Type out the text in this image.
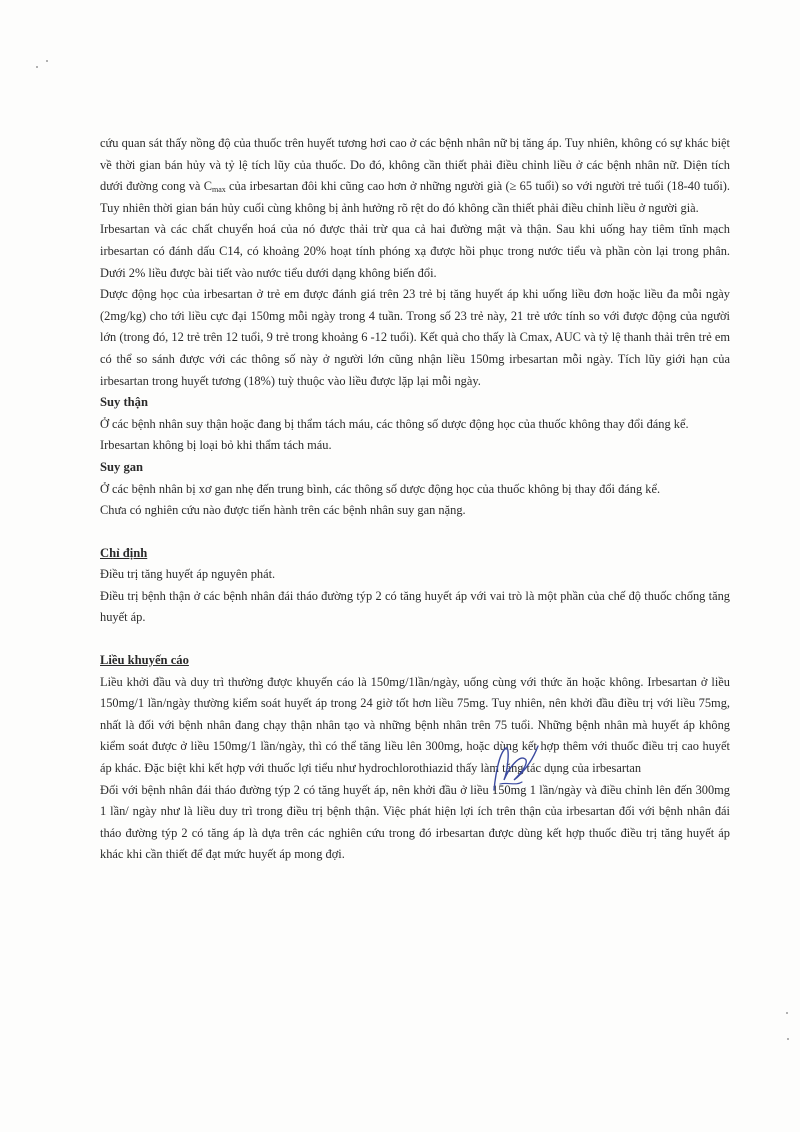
cứu quan sát thấy nồng độ của thuốc trên huyết tương hơi cao ở các bệnh nhân nữ bị tăng áp. Tuy nhiên, không có sự khác biệt về thời gian bán hủy và tỷ lệ tích lũy của thuốc. Do đó, không cần thiết phải điều chỉnh liều ở các bệnh nhân nữ. Diện tích dưới đường cong và $C_{max}$ của irbesartan đôi khi cũng cao hơn ở những người già (≥ 65 tuổi) so với người trẻ tuổi (18-40 tuổi). Tuy nhiên thời gian bán hủy cuối cùng không bị ảnh hưởng rõ rệt do đó không cần thiết phải điều chỉnh liều ở người già.

Irbesartan và các chất chuyển hoá của nó được thải trừ qua cả hai đường mật và thận. Sau khi uống hay tiêm tĩnh mạch irbesartan có đánh dấu C14, có khoảng 20% hoạt tính phóng xạ được hồi phục trong nước tiểu và phần còn lại trong phân. Dưới 2% liều được bài tiết vào nước tiểu dưới dạng không biến đổi.

Dược động học của irbesartan ở trẻ em được đánh giá trên 23 trẻ bị tăng huyết áp khi uống liều đơn hoặc liều đa mỗi ngày (2mg/kg) cho tới liều cực đại 150mg mỗi ngày trong 4 tuần. Trong số 23 trẻ này, 21 trẻ ước tính so với được động của người lớn (trong đó, 12 trẻ trên 12 tuổi, 9 trẻ trong khoảng 6 -12 tuổi). Kết quả cho thấy là Cmax, AUC và tỷ lệ thanh thải trên trẻ em có thể so sánh được với các thông số này ở người lớn cũng nhận liều 150mg irbesartan mỗi ngày. Tích lũy giới hạn của irbesartan trong huyết tương (18%) tuỳ thuộc vào liều được lặp lại mỗi ngày.

Suy thận

Ở các bệnh nhân suy thận hoặc đang bị thẩm tách máu, các thông số dược động học của thuốc không thay đổi đáng kể.

Irbesartan không bị loại bỏ khi thẩm tách máu.

Suy gan

Ở các bệnh nhân bị xơ gan nhẹ đến trung bình, các thông số dược động học của thuốc không bị thay đổi đáng kể.

Chưa có nghiên cứu nào được tiến hành trên các bệnh nhân suy gan nặng.

Chỉ định

Điều trị tăng huyết áp nguyên phát.

Điều trị bệnh thận ở các bệnh nhân đái tháo đường týp 2 có tăng huyết áp với vai trò là một phần của chế độ thuốc chống tăng huyết áp.

Liều khuyến cáo

Liều khởi đầu và duy trì thường được khuyến cáo là 150mg/1lần/ngày, uống cùng với thức ăn hoặc không. Irbesartan ở liều 150mg/1 lần/ngày thường kiểm soát huyết áp trong 24 giờ tốt hơn liều 75mg. Tuy nhiên, nên khởi đầu điều trị với liều 75mg, nhất là đối với bệnh nhân đang chạy thận nhân tạo và những bệnh nhân trên 75 tuổi. Những bệnh nhân mà huyết áp không kiểm soát được ở liều 150mg/1 lần/ngày, thì có thể tăng liều lên 300mg, hoặc dùng kết hợp thêm với thuốc điều trị cao huyết áp khác. Đặc biệt khi kết hợp với thuốc lợi tiểu như hydrochlorothiazid thấy làm tăng tác dụng của irbesartan

Đối với bệnh nhân đái tháo đường týp 2 có tăng huyết áp, nên khởi đầu ở liều 150mg 1 lần/ngày và điều chỉnh lên đến 300mg 1 lần/ ngày như là liều duy trì trong điều trị bệnh thận. Việc phát hiện lợi ích trên thận của irbesartan đối với bệnh nhân đái tháo đường týp 2 có tăng áp là dựa trên các nghiên cứu trong đó irbesartan được dùng kết hợp thuốc điều trị tăng huyết áp khác khi cần thiết để đạt mức huyết áp mong đợi.
